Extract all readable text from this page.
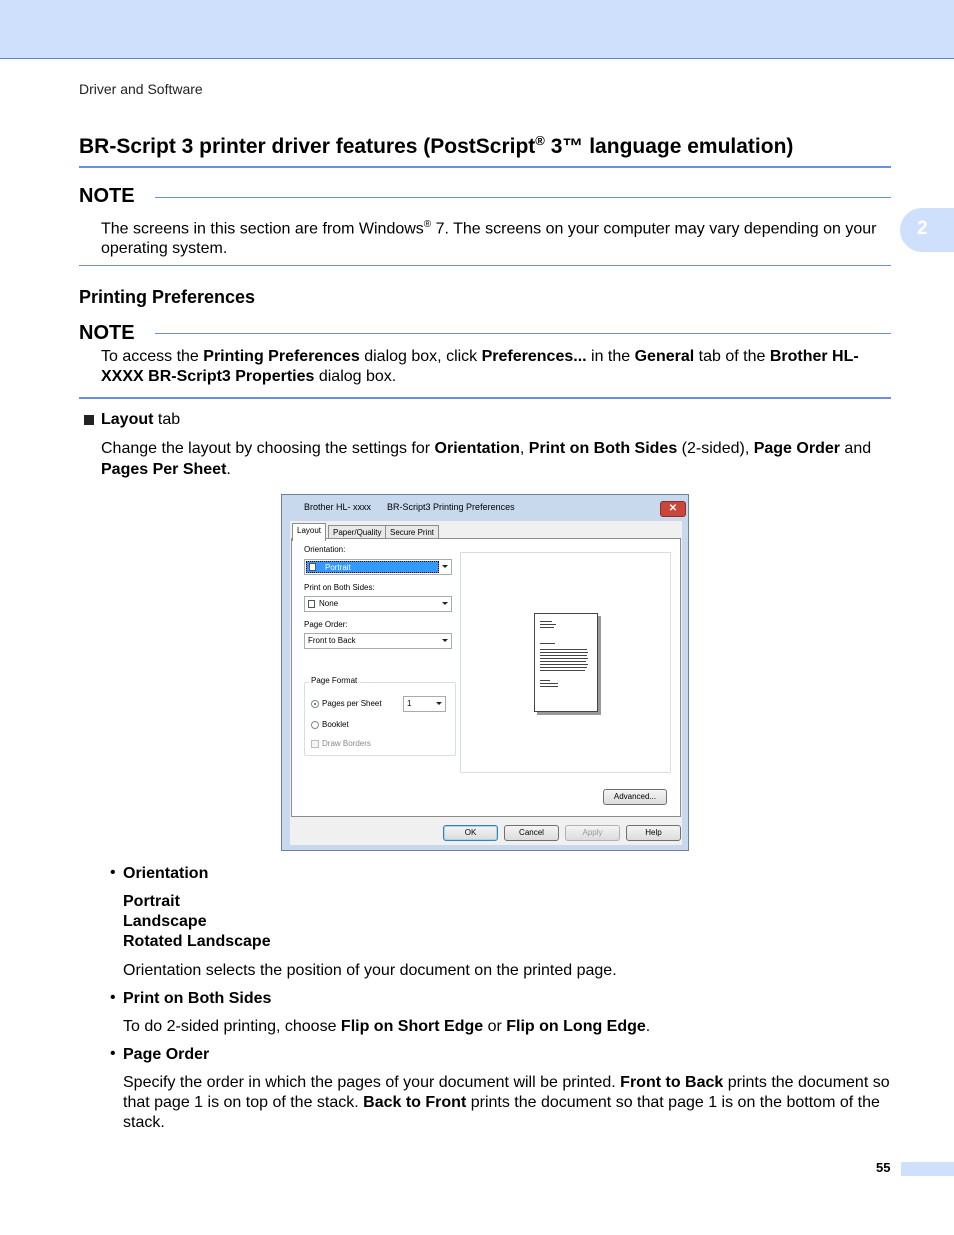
Driver and Software
2
BR-Script 3 printer driver features (PostScript® 3™ language emulation)
NOTE
The screens in this section are from Windows® 7. The screens on your computer may vary depending on your operating system.
Printing Preferences
NOTE
To access the Printing Preferences dialog box, click Preferences... in the General tab of the Brother HL-XXXX BR-Script3 Properties dialog box.
Layout tab
Change the layout by choosing the settings for Orientation, Print on Both Sides (2-sided), Page Order and Pages Per Sheet.
Brother HL- xxxx BR-Script3 Printing Preferences	✕
Layout	Paper/Quality	Secure Print
Orientation:
Portrait
Print on Both Sides:
None
Page Order:
Front to Back
Page Format
Pages per Sheet	1
Booklet
Draw Borders
Advanced...
OK	Cancel	Apply	Help
• Orientation
Portrait
Landscape
Rotated Landscape
Orientation selects the position of your document on the printed page.
• Print on Both Sides
To do 2-sided printing, choose Flip on Short Edge or Flip on Long Edge.
• Page Order
Specify the order in which the pages of your document will be printed. Front to Back prints the document so that page 1 is on top of the stack. Back to Front prints the document so that page 1 is on the bottom of the stack.
55
